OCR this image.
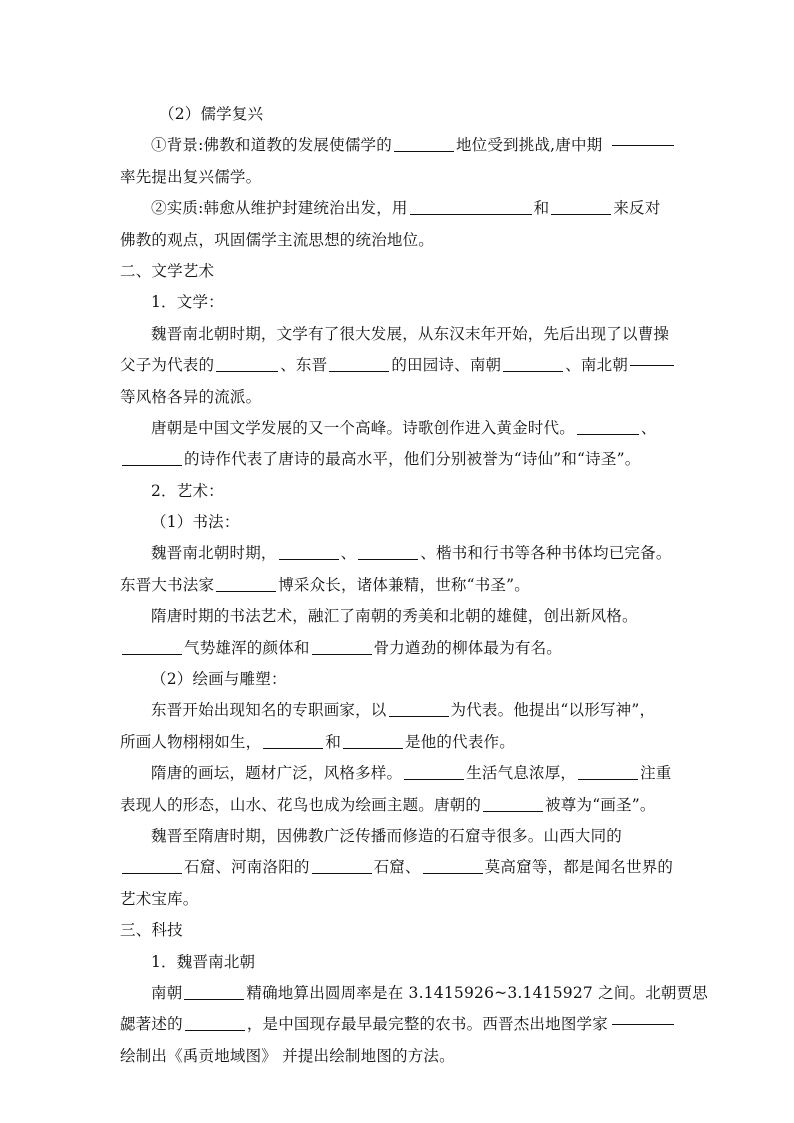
（2）儒学复兴

①背景:佛教和道教的发展使儒学的	地位受到挑战,唐中期

率先提出复兴儒学。

②实质:韩愈从维护封建统治出发，用	和	来反对

佛教的观点，巩固儒学主流思想的统治地位。

二、文学艺术

1．文学：

魏晋南北朝时期，文学有了很大发展，从东汉末年开始，先后出现了以曹操

父子为代表的	、东晋	的田园诗、南朝	、南北朝

等风格各异的流派。

唐朝是中国文学发展的又一个高峰。诗歌创作进入黄金时代。	、

的诗作代表了唐诗的最高水平，他们分别被誉为“诗仙”和“诗圣”。

2．艺术：

（1）书法：

魏晋南北朝时期，	、	、楷书和行书等各种书体均已完备。

东晋大书法家	博采众长，诸体兼精，世称“书圣”。

隋唐时期的书法艺术，融汇了南朝的秀美和北朝的雄健，创出新风格。

气势雄浑的颜体和	骨力遒劲的柳体最为有名。

（2）绘画与雕塑：

东晋开始出现知名的专职画家，以	为代表。他提出“以形写神”，

所画人物栩栩如生，	和	是他的代表作。

隋唐的画坛，题材广泛，风格多样。	生活气息浓厚，	注重

表现人的形态，山水、花鸟也成为绘画主题。唐朝的	被尊为“画圣”。

魏晋至隋唐时期，因佛教广泛传播而修造的石窟寺很多。山西大同的

石窟、河南洛阳的	石窟、	莫高窟等，都是闻名世界的

艺术宝库。

三、科技

1．魏晋南北朝

南朝	精确地算出圆周率是在 3.1415926~3.1415927 之间。北朝贾思

勰著述的	，是中国现存最早最完整的农书。西晋杰出地图学家

绘制出《禹贡地域图》 并提出绘制地图的方法。
